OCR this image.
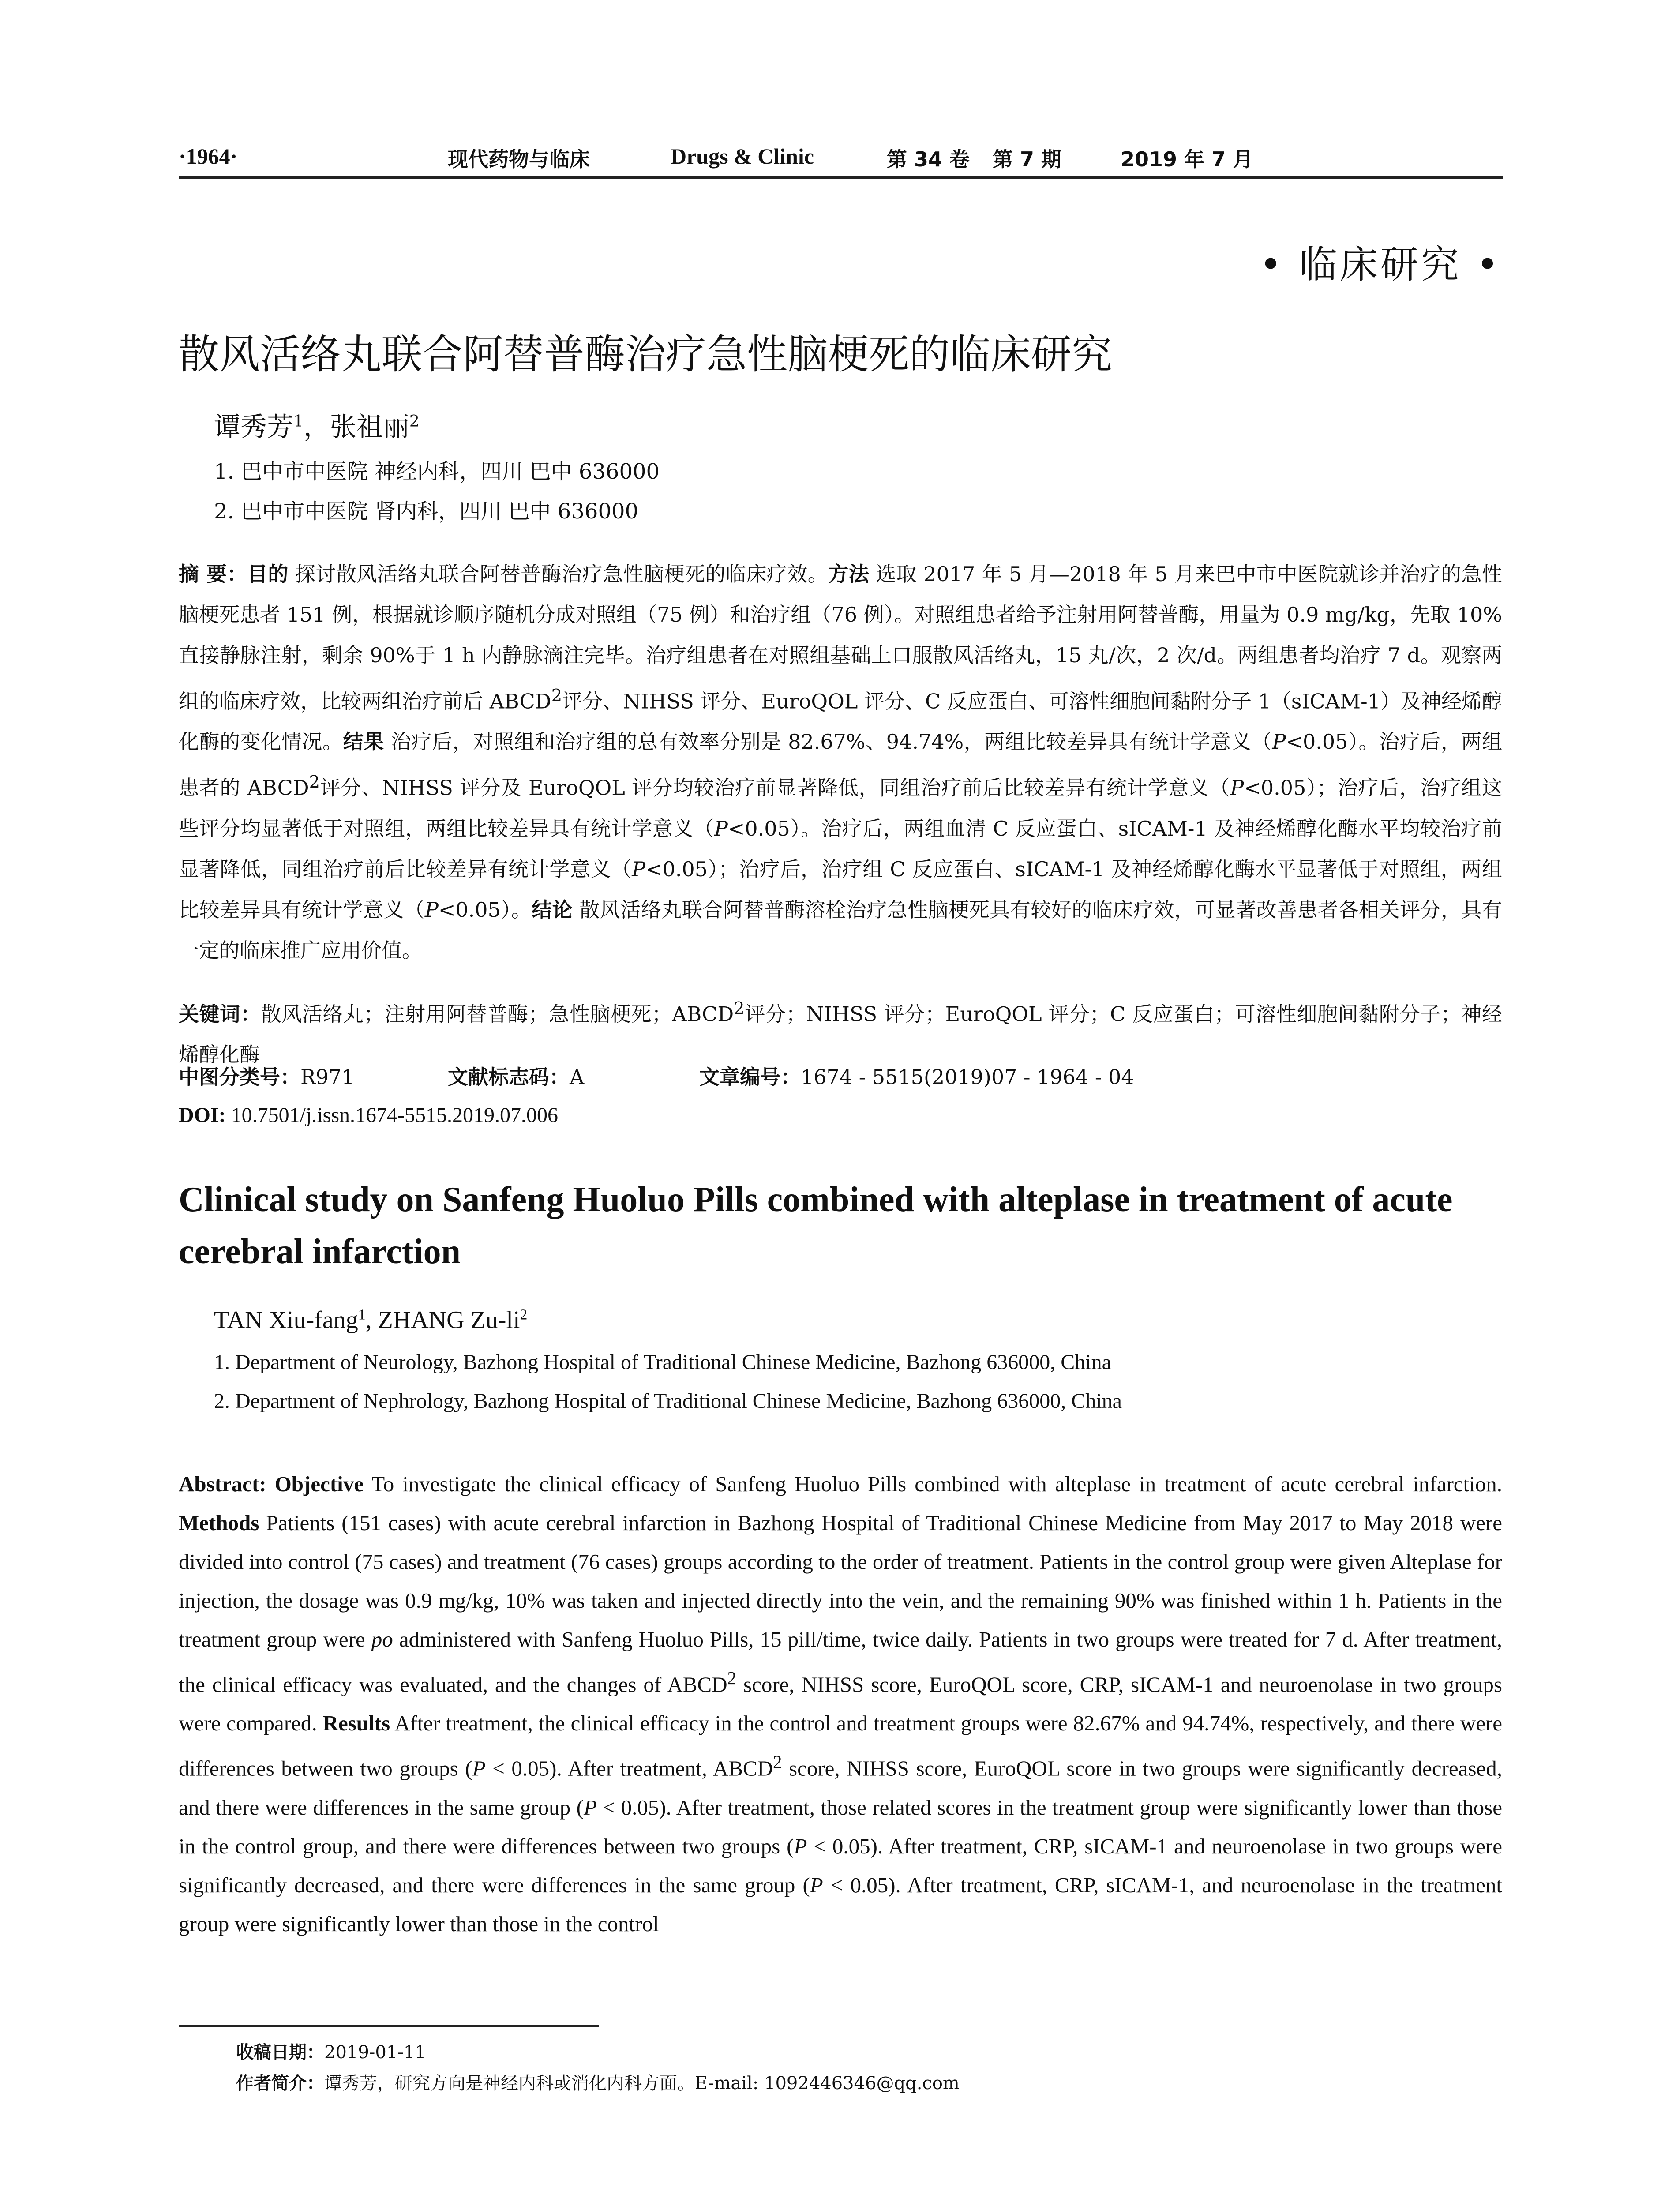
·1964·	现代药物与临床	Drugs & Clinic	第 34 卷 第 7 期	2019 年 7 月
• 临床研究 •
散风活络丸联合阿替普酶治疗急性脑梗死的临床研究
谭秀芳$^1$，张祖丽$^2$
1. 巴中市中医院 神经内科，四川 巴中 636000
2. 巴中市中医院 肾内科，四川 巴中 636000
摘 要：目的 探讨散风活络丸联合阿替普酶治疗急性脑梗死的临床疗效。方法 选取 2017 年 5 月—2018 年 5 月来巴中市中医院就诊并治疗的急性脑梗死患者 151 例，根据就诊顺序随机分成对照组（75 例）和治疗组（76 例）。对照组患者给予注射用阿替普酶，用量为 0.9 mg/kg，先取 10%直接静脉注射，剩余 90%于 1 h 内静脉滴注完毕。治疗组患者在对照组基础上口服散风活络丸，15 丸/次，2 次/d。两组患者均治疗 7 d。观察两组的临床疗效，比较两组治疗前后 ABCD$^2$评分、NIHSS 评分、EuroQOL 评分、C 反应蛋白、可溶性细胞间黏附分子 1（sICAM-1）及神经烯醇化酶的变化情况。结果 治疗后，对照组和治疗组的总有效率分别是 82.67%、94.74%，两组比较差异具有统计学意义（P<0.05）。治疗后，两组患者的 ABCD$^2$评分、NIHSS 评分及 EuroQOL 评分均较治疗前显著降低，同组治疗前后比较差异有统计学意义（P<0.05）；治疗后，治疗组这些评分均显著低于对照组，两组比较差异具有统计学意义（P<0.05）。治疗后，两组血清 C 反应蛋白、sICAM-1 及神经烯醇化酶水平均较治疗前显著降低，同组治疗前后比较差异有统计学意义（P<0.05）；治疗后，治疗组 C 反应蛋白、sICAM-1 及神经烯醇化酶水平显著低于对照组，两组比较差异具有统计学意义（P<0.05）。结论 散风活络丸联合阿替普酶溶栓治疗急性脑梗死具有较好的临床疗效，可显著改善患者各相关评分，具有一定的临床推广应用价值。
关键词：散风活络丸；注射用阿替普酶；急性脑梗死；ABCD$^2$评分；NIHSS 评分；EuroQOL 评分；C 反应蛋白；可溶性细胞间黏附分子；神经烯醇化酶
中图分类号：R971	文献标志码：A	文章编号：1674 - 5515(2019)07 - 1964 - 04
DOI: 10.7501/j.issn.1674-5515.2019.07.006
Clinical study on Sanfeng Huoluo Pills combined with alteplase in treatment of acute cerebral infarction
TAN Xiu-fang$^1$, ZHANG $Zu-li^2$
1. Department of Neurology, Bazhong Hospital of Traditional Chinese Medicine, Bazhong 636000, China
2. Department of Nephrology, Bazhong Hospital of Traditional Chinese Medicine, Bazhong 636000, China
Abstract: Objective To investigate the clinical efficacy of Sanfeng Huoluo Pills combined with alteplase in treatment of acute cerebral infarction. Methods Patients (151 cases) with acute cerebral infarction in Bazhong Hospital of Traditional Chinese Medicine from May 2017 to May 2018 were divided into control (75 cases) and treatment (76 cases) groups according to the order of treatment. Patients in the control group were given Alteplase for injection, the dosage was 0.9 mg/kg, 10% was taken and injected directly into the vein, and the remaining 90% was finished within 1 h. Patients in the treatment group were po administered with Sanfeng Huoluo Pills, 15 pill/time, twice daily. Patients in two groups were treated for 7 d. After treatment, the clinical efficacy was evaluated, and the changes of ABCD$^2$ score, NIHSS score, EuroQOL score, CRP, sICAM-1 and neuroenolase in two groups were compared. Results After treatment, the clinical efficacy in the control and treatment groups were 82.67% and 94.74%, respectively, and there were differences between two groups (P < 0.05). After treatment, ABCD$^2$ score, NIHSS score, EuroQOL score in two groups were significantly decreased, and there were differences in the same group (P < 0.05). After treatment, those related scores in the treatment group were significantly lower than those in the control group, and there were differences between two groups (P < 0.05). After treatment, CRP, sICAM-1 and neuroenolase in two groups were significantly decreased, and there were differences in the same group (P < 0.05). After treatment, CRP, sICAM-1, and neuroenolase in the treatment group were significantly lower than those in the control
收稿日期：2019-01-11
作者简介：谭秀芳，研究方向是神经内科或消化内科方面。E-mail: 1092446346@qq.com
